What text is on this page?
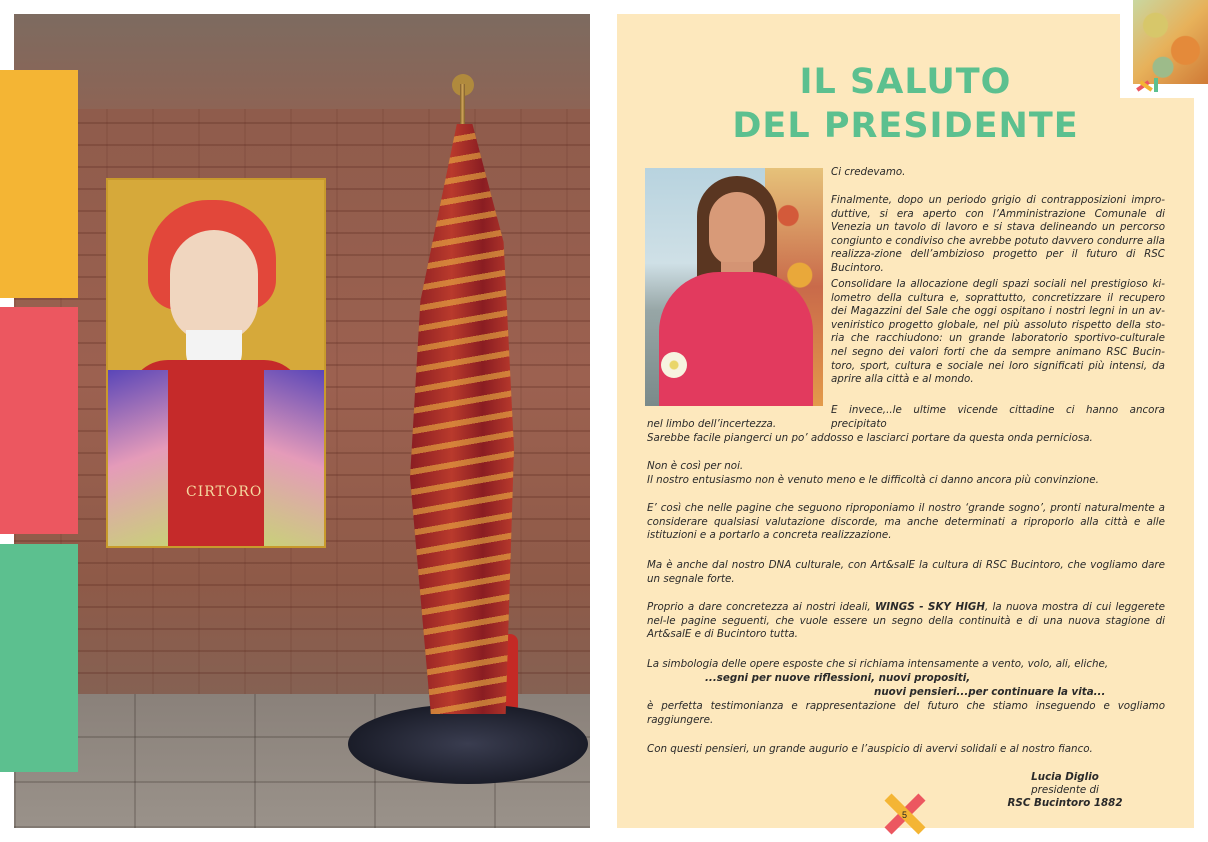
CIRTORO
IL SALUTO
DEL PRESIDENTE

Ci credevamo.

Finalmente, dopo un periodo grigio di contrapposizioni impro-duttive, si era aperto con l’Amministrazione Comunale di Venezia un tavolo di lavoro e si stava delineando un percorso congiunto e condiviso che avrebbe potuto davvero condurre alla realizza-zione dell’ambizioso progetto per il futuro di RSC Bucintoro.

Consolidare la allocazione degli spazi sociali nel prestigioso ki-lometro della cultura e, soprattutto, concretizzare il recupero dei Magazzini del Sale che oggi ospitano i nostri legni in un av-veniristico progetto globale, nel più assoluto rispetto della sto-ria che racchiudono: un grande laboratorio sportivo-culturale nel segno dei valori forti che da sempre animano RSC Bucin-toro, sport, cultura e sociale nei loro significati più intensi, da aprire alla città e al mondo.

E invece,..le ultime vicende cittadine ci hanno ancora precipitato

nel limbo dell’incertezza.

Sarebbe facile piangerci un po’ addosso e lasciarci portare da questa onda perniciosa.

Non è così per noi.

Il nostro entusiasmo non è venuto meno e le difficoltà ci danno ancora più convinzione.

E’ così che nelle pagine che seguono riproponiamo il nostro ‘grande sogno’, pronti naturalmente a considerare qualsiasi valutazione discorde, ma anche determinati a riproporlo alla città e alle istituzioni e a portarlo a concreta realizzazione.

Ma è anche dal nostro DNA culturale, con Art&salE la cultura di RSC Bucintoro, che vogliamo dare un segnale forte.

Proprio a dare concretezza ai nostri ideali, WINGS - SKY HIGH, la nuova mostra di cui leggerete nel-le pagine seguenti, che vuole essere un segno della continuità e di una nuova stagione di Art&salE e di Bucintoro tutta.

La simbologia delle opere esposte che si richiama intensamente a vento, volo, ali, eliche,

...segni per nuove riflessioni, nuovi propositi,
nuovi pensieri...per continuare la vita...

è perfetta testimonianza e rappresentazione del futuro che stiamo inseguendo e vogliamo raggiungere.

Con questi pensieri, un grande augurio e l’auspicio di avervi solidali e al nostro fianco.

Lucia Diglio
presidente di
RSC Bucintoro 1882
5
